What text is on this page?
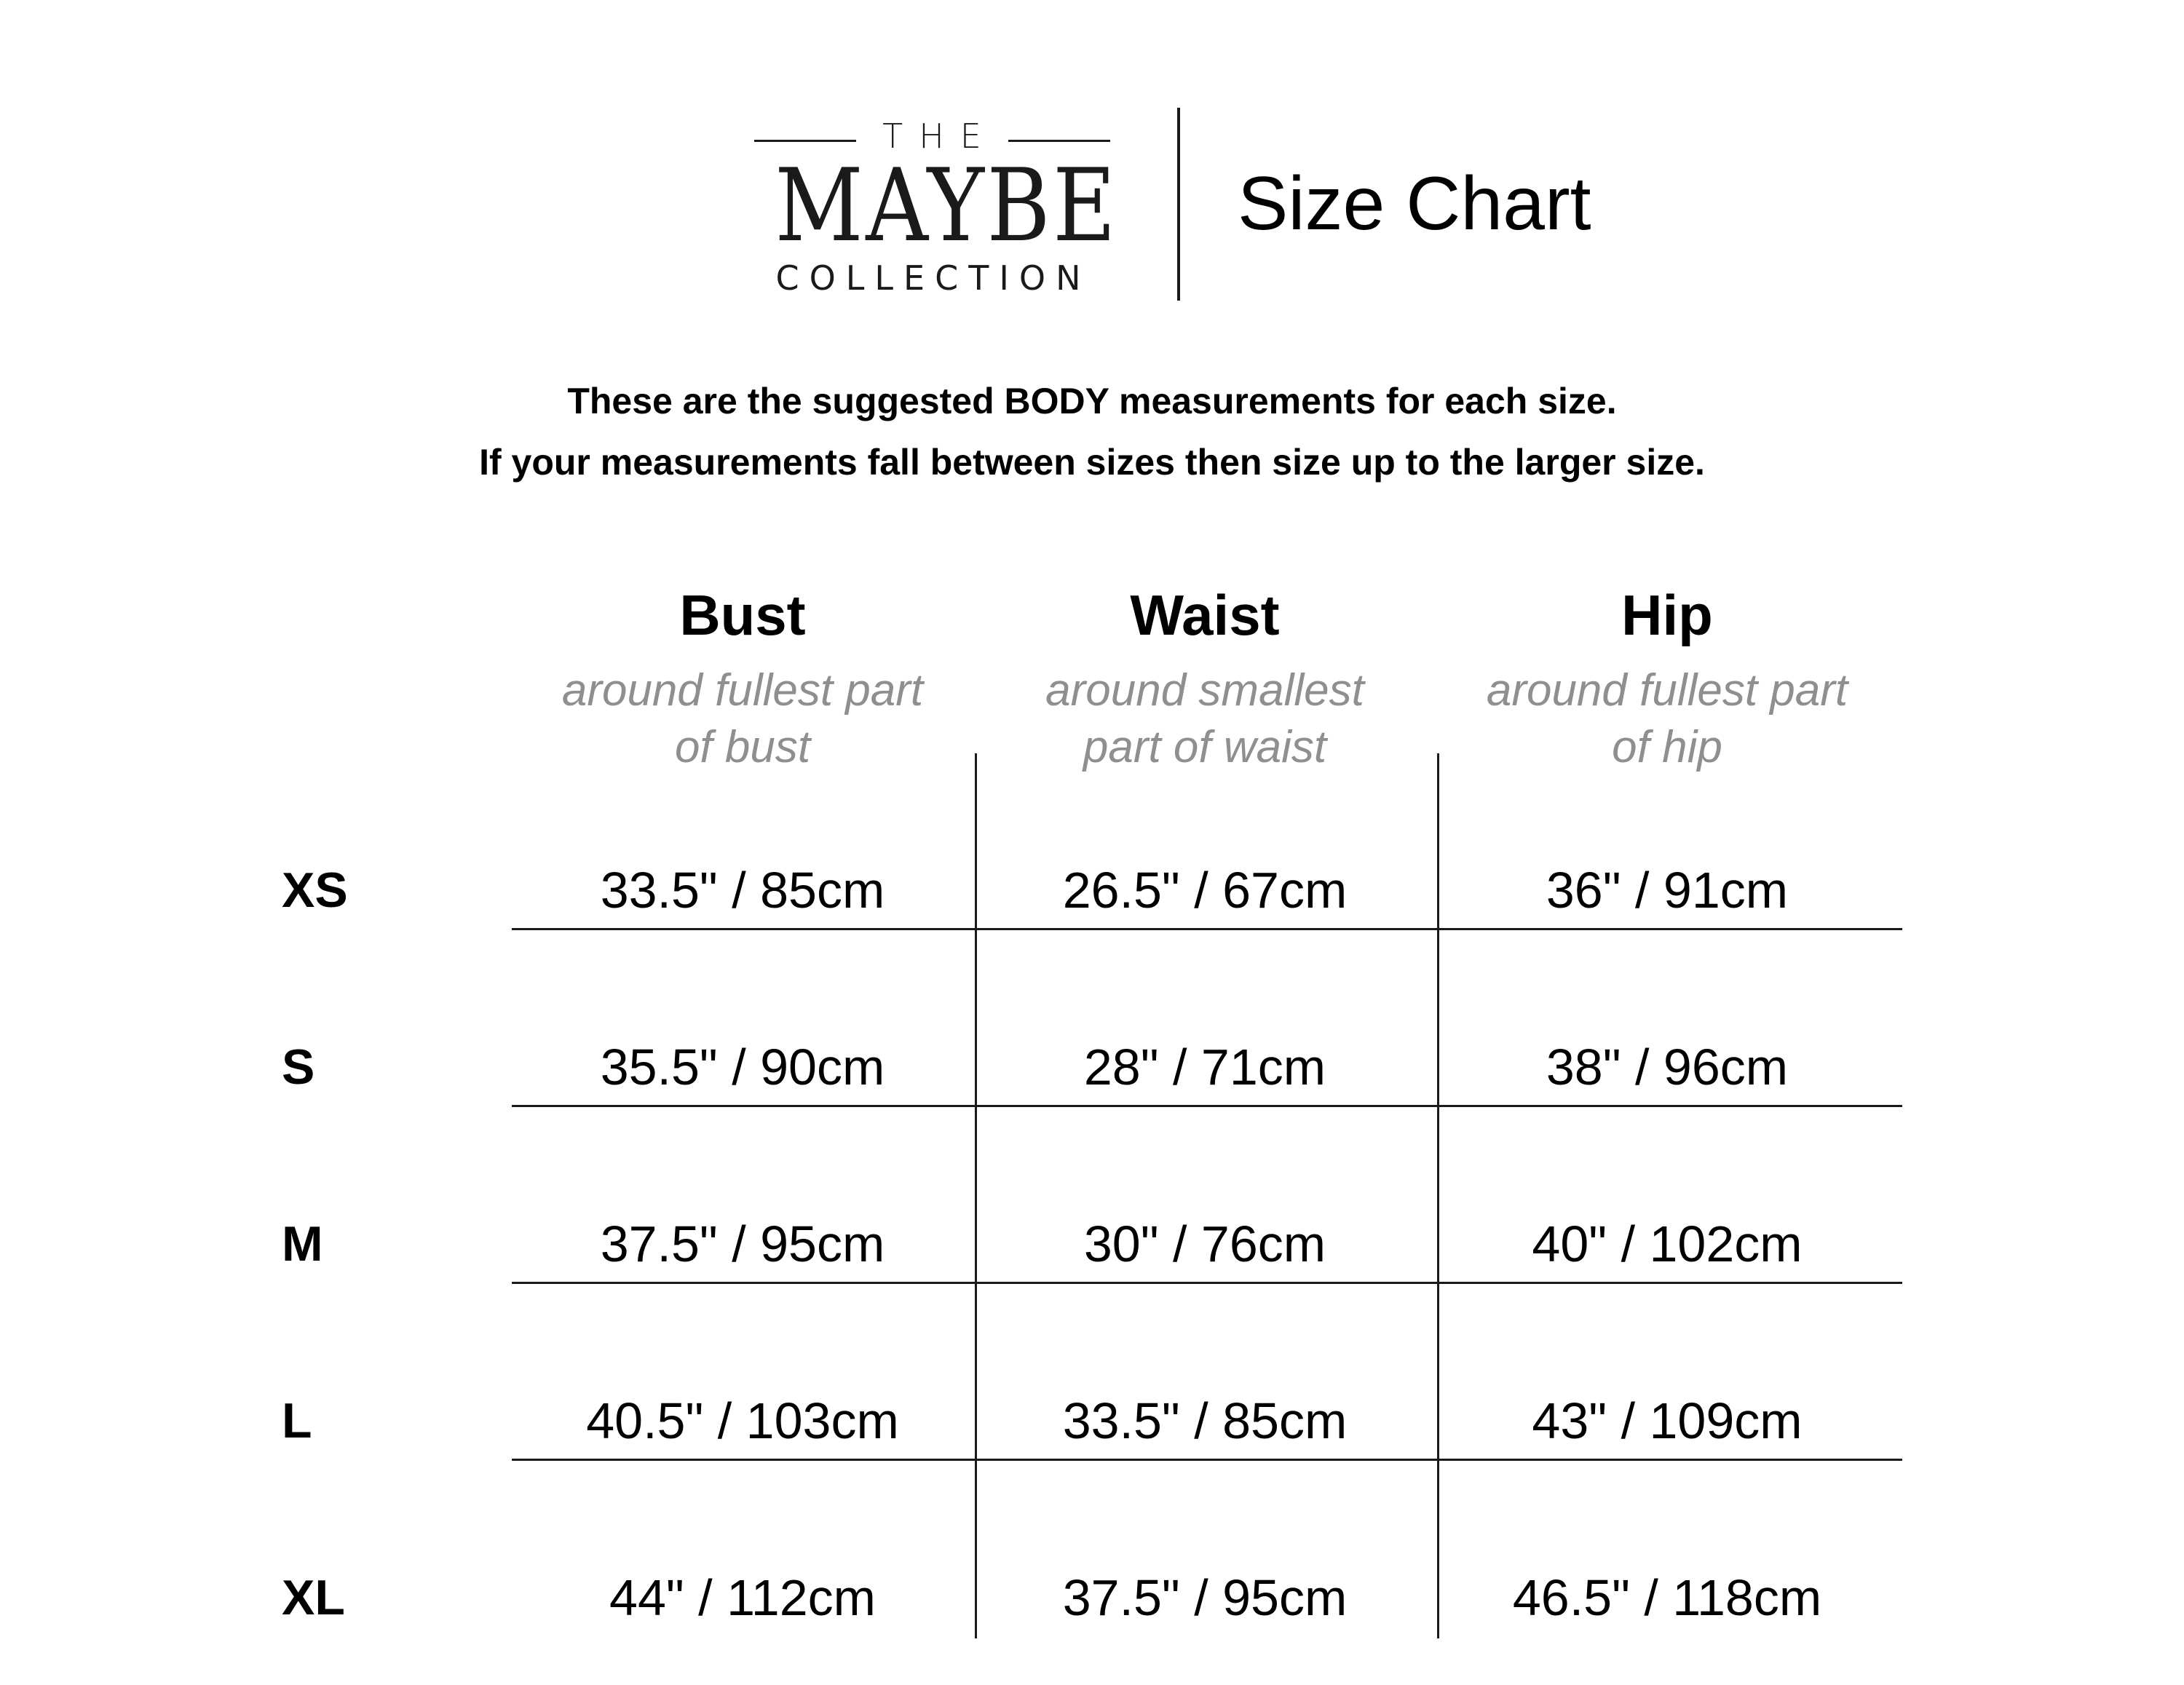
THE
MAYBE
COLLECTION
Size Chart
These are the suggested BODY measurements for each size.
If your measurements fall between sizes then size up to the larger size.
Bust	Waist	Hip
around fullest part
of bust
around smallest
part of waist
around fullest part
of hip
XS	33.5" / 85cm	26.5" / 67cm	36" / 91cm
S	35.5" / 90cm	28" / 71cm	38" / 96cm
M	37.5" / 95cm	30" / 76cm	40" / 102cm
L	40.5" / 103cm	33.5" / 85cm	43" / 109cm
XL	44" / 112cm	37.5" / 95cm	46.5" / 118cm
